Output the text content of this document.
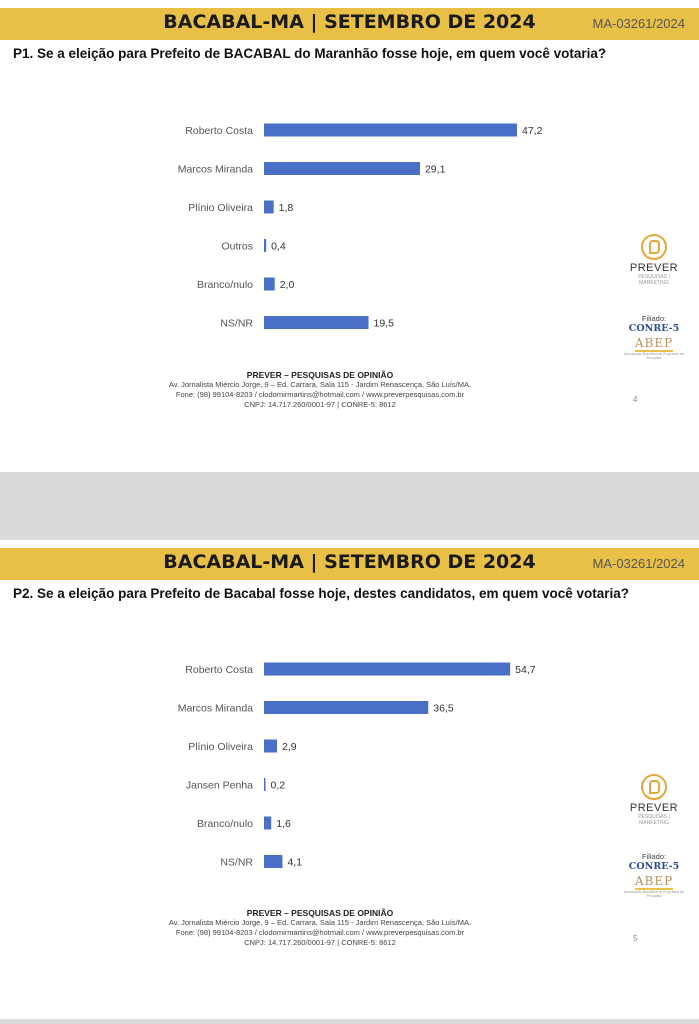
BACABAL-MA | SETEMBRO DE 2024	MA-03261/2024
P1. Se a eleição para Prefeito de BACABAL do Maranhão fosse hoje, em quem você votaria?
Roberto Costa	47,2
Marcos Miranda	29,1
Plínio Oliveira 1,8
Outros 0,4
Branco/nulo	2,0
NS/NR	19,5
PREVER
PESQUISAS | MARKETING
Filiado:
CONRE-5
ABEP
Associação Brasileira de Empresas de Pesquisa
PREVER – PESQUISAS DE OPINIÃO
Av. Jornalista Miércio Jorge, 9 – Ed. Carrara, Sala 115 - Jardim Renascença, São Luís/MA.
Fone: (98) 99104-8203 / clodomirmartins@hotmail.com / www.preverpesquisas.com.br
CNPJ: 14.717.260/0001-97 | CONRE-5: 8612
4
BACABAL-MA | SETEMBRO DE 2024	MA-03261/2024
P2. Se a eleição para Prefeito de Bacabal fosse hoje, destes candidatos, em quem você votaria?
Roberto Costa	54,7
Marcos Miranda	36,5
Plínio Oliveira	2,9
Jansen Penha 0,2
Branco/nulo 1,6
NS/NR	4,1
PREVER
PESQUISAS | MARKETING
Filiado:
CONRE-5
ABEP
Associação Brasileira de Empresas de Pesquisa
PREVER – PESQUISAS DE OPINIÃO
Av. Jornalista Miércio Jorge, 9 – Ed. Carrara, Sala 115 - Jardim Renascença, São Luís/MA.
Fone: (98) 99104-8203 / clodomirmartins@hotmail.com / www.preverpesquisas.com.br
CNPJ: 14.717.260/0001-97 | CONRE-5: 8612	5
